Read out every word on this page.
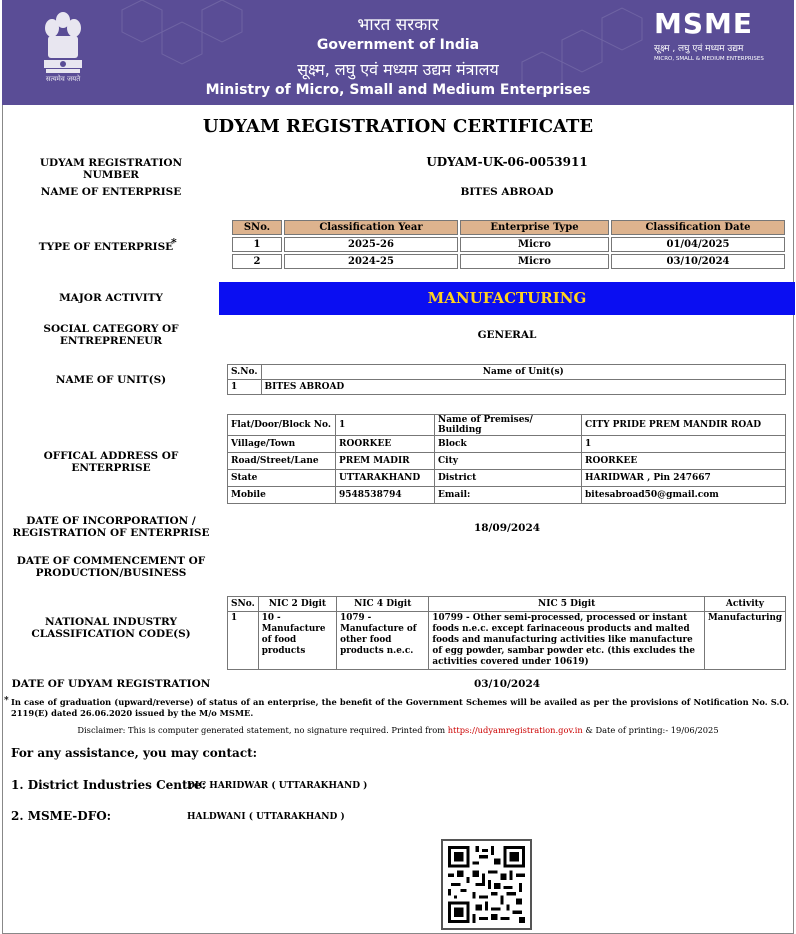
सत्यमेव जयते
भारत सरकार
Government of India
सूक्ष्म, लघु एवं मध्यम उद्यम मंत्रालय
Ministry of Micro, Small and Medium Enterprises
MSME
सूक्ष्म , लघु एवं मध्यम उद्यम
MICRO, SMALL & MEDIUM ENTERPRISES
UDYAM REGISTRATION CERTIFICATE
UDYAM REGISTRATION NUMBER
UDYAM-UK-06-0053911
NAME OF ENTERPRISE	BITES ABROAD
TYPE OF ENTERPRISE
*
SNo.	Classification Year	Enterprise Type	Classification Date
1	2025-26	Micro	01/04/2025
2	2024-25	Micro	03/10/2024
MAJOR ACTIVITY	MANUFACTURING
SOCIAL CATEGORY OF ENTREPRENEUR	GENERAL
NAME OF UNIT(S)
S.No.	Name of Unit(s)
1	BITES ABROAD
OFFICAL ADDRESS OF ENTERPRISE
Flat/Door/Block No.	1	Name of Premises/ Building	CITY PRIDE PREM MANDIR ROAD
Village/Town	ROORKEE	Block	1
Road/Street/Lane	PREM MADIR	City	ROORKEE
State	UTTARAKHAND	District	HARIDWAR , Pin 247667
Mobile	9548538794	Email:	bitesabroad50@gmail.com
DATE OF INCORPORATION / REGISTRATION OF ENTERPRISE	18/09/2024
DATE OF COMMENCEMENT OF PRODUCTION/BUSINESS
NATIONAL INDUSTRY CLASSIFICATION CODE(S)
SNo.	NIC 2 Digit	NIC 4 Digit	NIC 5 Digit	Activity
1	10 - Manufacture of food products	1079 - Manufacture of other food products n.e.c.	10799 - Other semi-processed, processed or instant foods n.e.c. except farinaceous products and malted foods and manufacturing activities like manufacture of egg powder, sambar powder etc. (this excludes the activities covered under 10619)	Manufacturing
DATE OF UDYAM REGISTRATION	03/10/2024
* In case of graduation (upward/reverse) of status of an enterprise, the benefit of the Government Schemes will be availed as per the provisions of Notification No. S.O. 2119(E) dated 26.06.2020 issued by the M/o MSME.
Disclaimer: This is computer generated statement, no signature required. Printed from https://udyamregistration.gov.in & Date of printing:- 19/06/2025
For any assistance, you may contact:
1. District Industries Centre:
DIC HARIDWAR ( UTTARAKHAND )
2. MSME-DFO:	HALDWANI ( UTTARAKHAND )
